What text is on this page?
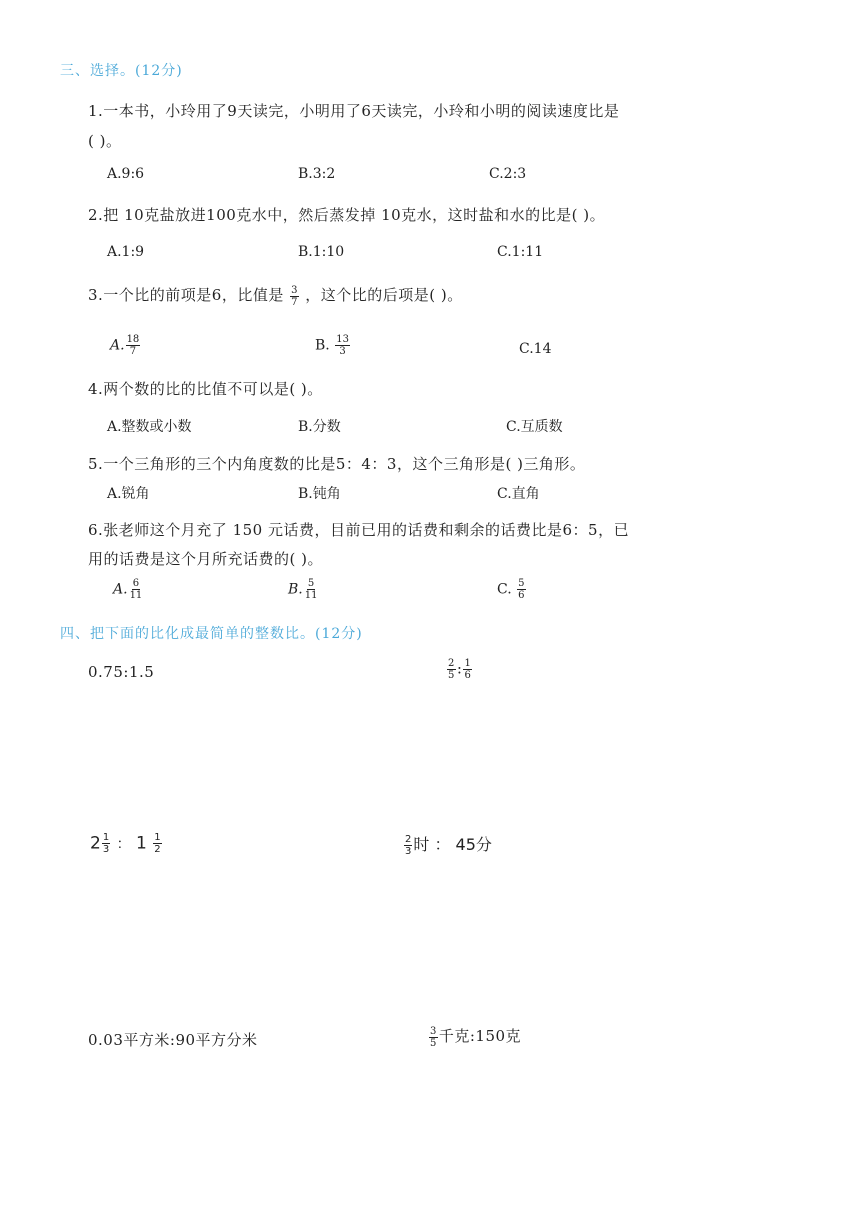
三、选择。(12分)
1.一本书，小玲用了9天读完，小明用了6天读完，小玲和小明的阅读速度比是
( )。
A.9:6	B.3:2	C.2:3
2.把 10克盐放进100克水中，然后蒸发掉 10克水，这时盐和水的比是( )。
A.1:9	B.1:10	C.1:11
3.一个比的前项是6，比值是 $\frac{3}{7}$ ，这个比的后项是( )。
A. $\frac{18}{7}$	B. $\frac{13}{3}$	C.14
4.两个数的比的比值不可以是( )。
A.整数或小数	B.分数	C.互质数
5.一个三角形的三个内角度数的比是5：4：3，这个三角形是( )三角形。
A.锐角	B.钝角	C.直角
6.张老师这个月充了 150 元话费，目前已用的话费和剩余的话费比是6：5，已
用的话费是这个月所充话费的( )。
A. $\frac{6}{11}$	B. $\frac{5}{11}$	C. $\frac{5}{6}$
四、把下面的比化成最简单的整数比。(12分)
0.75:1.5	$\frac{2}{5}$ : $\frac{1}{6}$
$2 \frac{1}{3}$ ： $1 \frac{1}{2}$	$\frac{2}{3}$ 时 ： 45分
0.03平方米:90平方分米	$\frac{3}{5}$ 千克:150克
